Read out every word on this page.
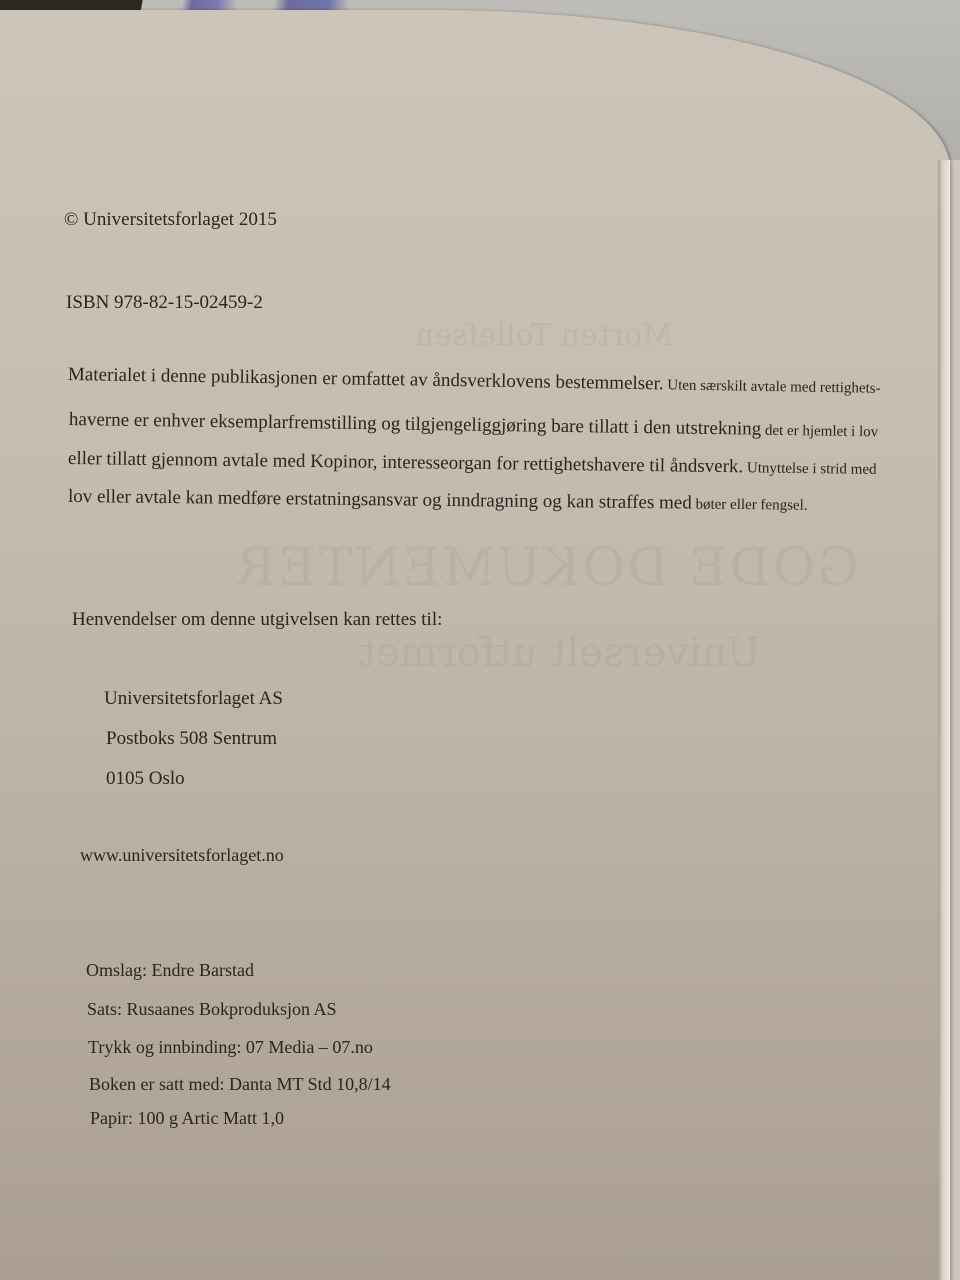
Morten Tollefsen
GODE DOKUMENTER
Universelt utformet
© Universitetsforlaget 2015
ISBN 978-82-15-02459-2
Materialet i denne publikasjonen er omfattet av åndsverklovens bestemmelser. Uten særskilt avtale med rettighets-
haverne er enhver eksemplarfremstilling og tilgjengeliggjøring bare tillatt i den utstrekning det er hjemlet i lov
eller tillatt gjennom avtale med Kopinor, interesseorgan for rettighetshavere til åndsverk. Utnyttelse i strid med
lov eller avtale kan medføre erstatningsansvar og inndragning og kan straffes med bøter eller fengsel.
Henvendelser om denne utgivelsen kan rettes til:
Universitetsforlaget AS
Postboks 508 Sentrum
0105 Oslo
www.universitetsforlaget.no
Omslag: Endre Barstad
Sats: Rusaanes Bokproduksjon AS
Trykk og innbinding: 07 Media – 07.no
Boken er satt med: Danta MT Std 10,8/14
Papir: 100 g Artic Matt 1,0
